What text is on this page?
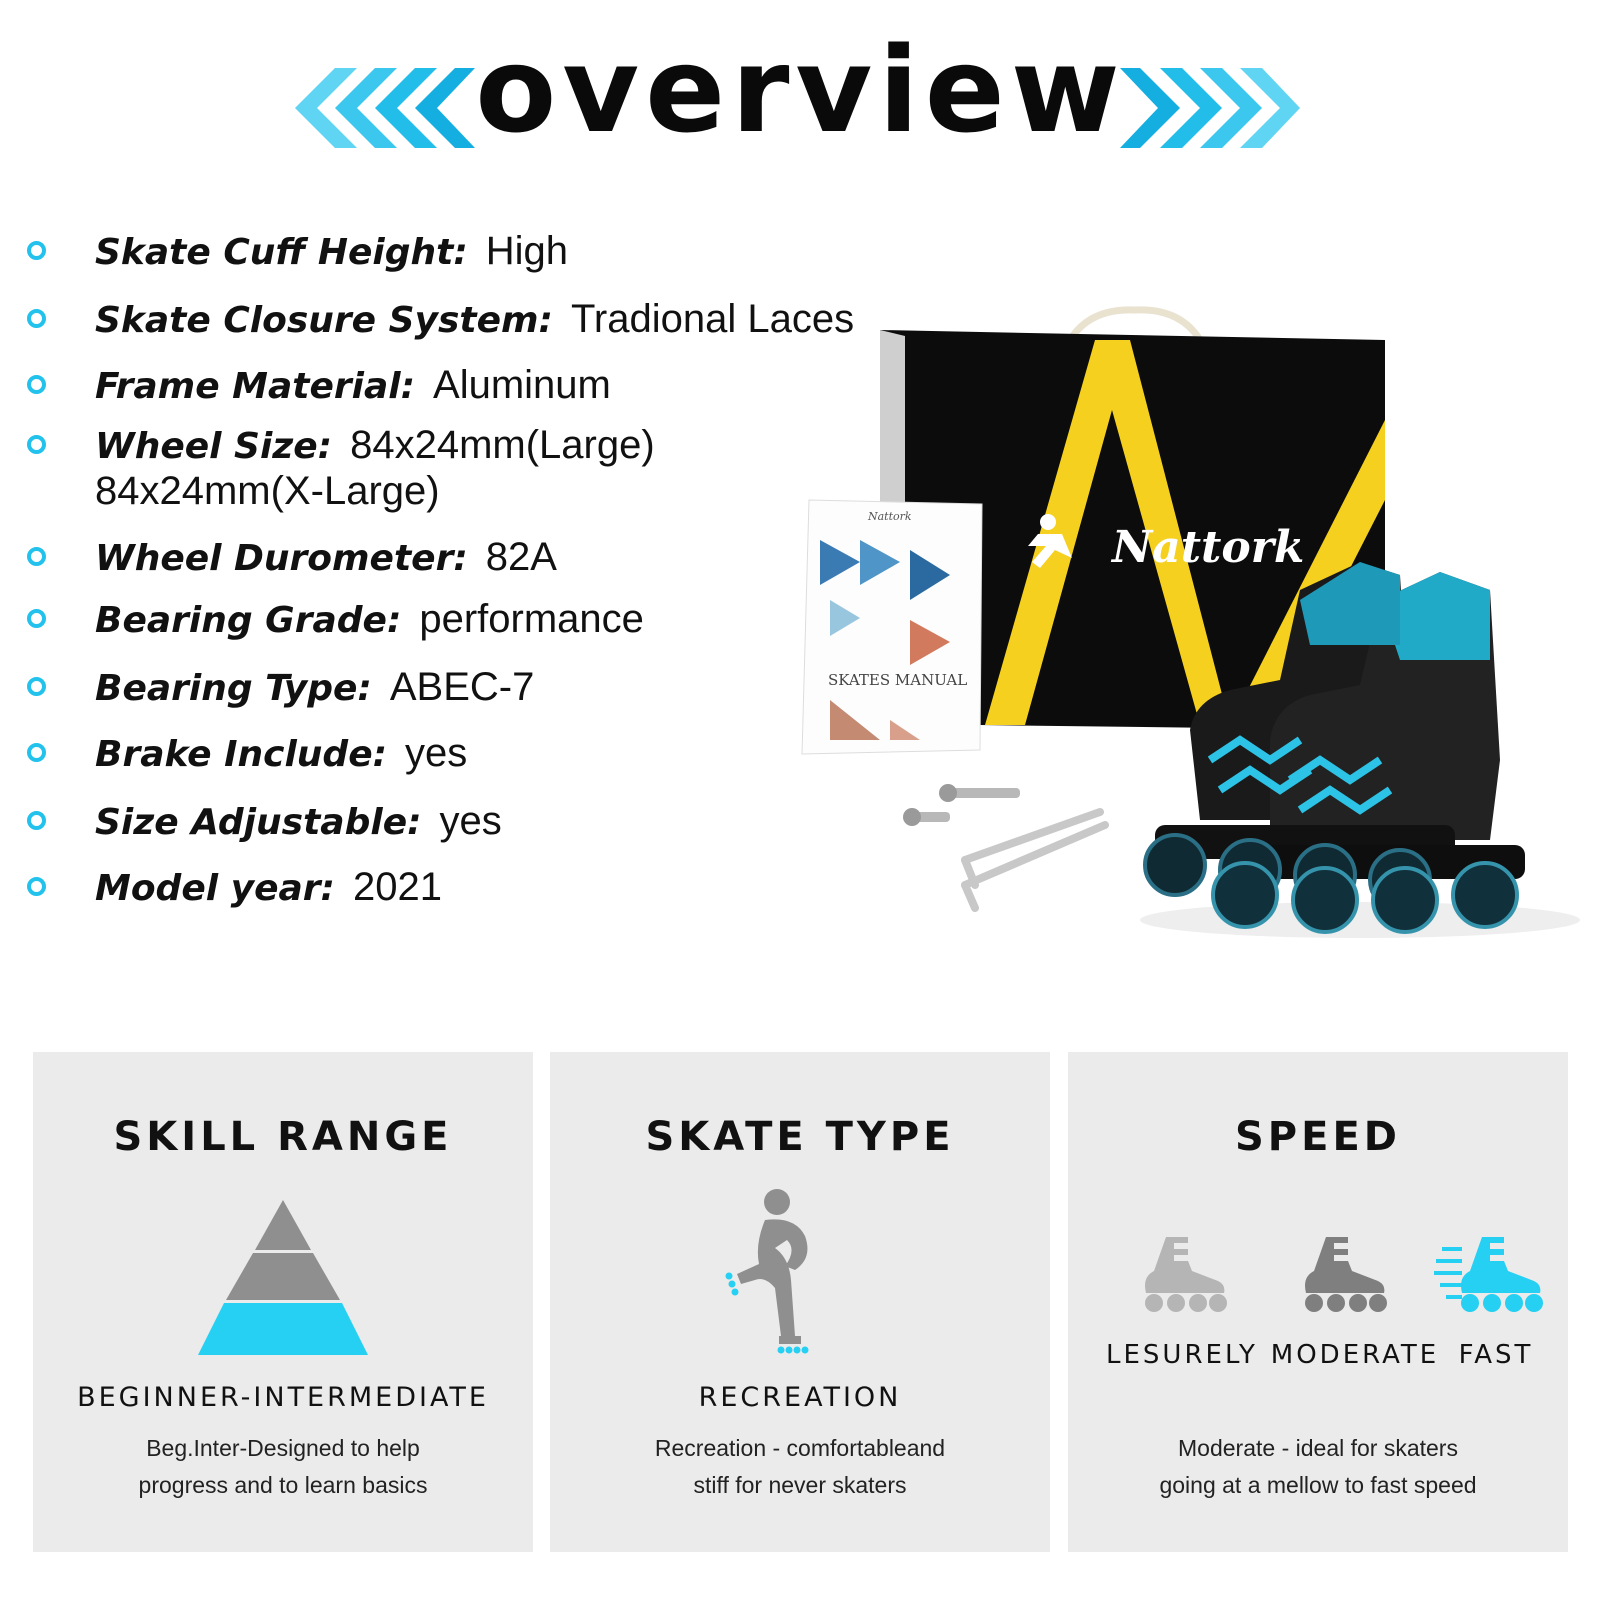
overview
Skate Cuff Height: High
Skate Closure System: Tradional Laces
Frame Material: Aluminum
Wheel Size: 84x24mm(Large)
84x24mm(X-Large)
Wheel Durometer: 82A
Bearing Grade: performance
Bearing Type: ABEC-7
Brake Include: yes
Size Adjustable: yes
Model year: 2021
Nattork
Nattork
SKATES MANUAL
SKILL RANGE
BEGINNER-INTERMEDIATE
Beg.Inter-Designed to help
progress and to learn basics
SKATE TYPE
RECREATION
Recreation - comfortableand
stiff for never skaters
SPEED
LESURELY MODERATE FAST
Moderate - ideal for skaters
going at a mellow to fast speed
